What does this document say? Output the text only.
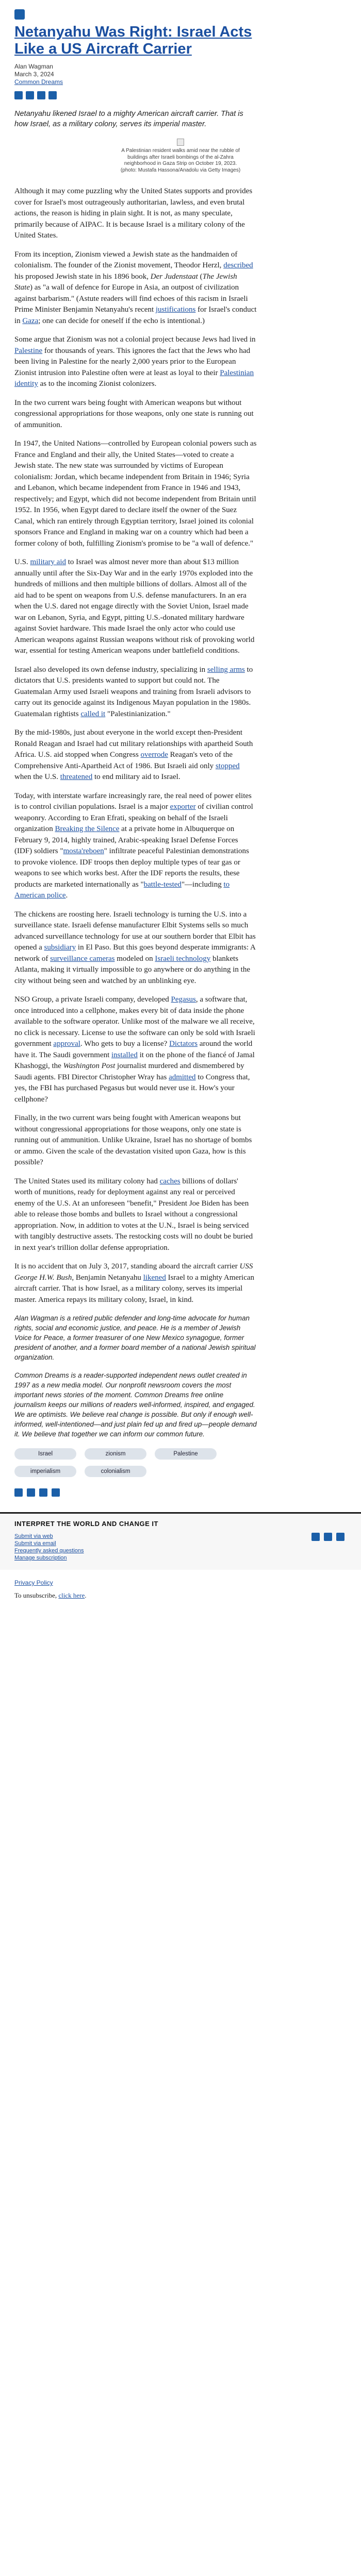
Netanyahu Was Right: Israel Acts Like a US Aircraft Carrier
Alan Wagman
March 3, 2024
Common Dreams

Netanyahu likened Israel to a mighty American aircraft carrier. That is how Israel, as a military colony, serves its imperial master.

A Palestinian resident walks amid near the rubble of buildings after Israeli bombings of the al-Zahra neighborhood in Gaza Strip on October 19, 2023. (photo: Mustafa Hassona/Anadolu via Getty Images)

Although it may come puzzling why the United States supports and provides cover for Israel's most outrageously authoritarian, lawless, and even brutal actions, the reason is hiding in plain sight. It is not, as many speculate, primarily because of AIPAC. It is because Israel is a military colony of the United States.

From its inception, Zionism viewed a Jewish state as the handmaiden of colonialism. The founder of the Zionist movement, Theodor Herzl, described his proposed Jewish state in his 1896 book, Der Judenstaat (The Jewish State) as "a wall of defence for Europe in Asia, an outpost of civilization against barbarism." (Astute readers will find echoes of this racism in Israeli Prime Minister Benjamin Netanyahu's recent justifications for Israel's conduct in Gaza; one can decide for oneself if the echo is intentional.)

Some argue that Zionism was not a colonial project because Jews had lived in Palestine for thousands of years. This ignores the fact that the Jews who had been living in Palestine for the nearly 2,000 years prior to the European Zionist intrusion into Palestine often were at least as loyal to their Palestinian identity as to the incoming Zionist colonizers.

In the two current wars being fought with American weapons but without congressional appropriations for those weapons, only one state is running out of ammunition.

In 1947, the United Nations—controlled by European colonial powers such as France and England and their ally, the United States—voted to create a Jewish state. The new state was surrounded by victims of European colonialism: Jordan, which became independent from Britain in 1946; Syria and Lebanon, which became independent from France in 1946 and 1943, respectively; and Egypt, which did not become independent from Britain until 1952. In 1956, when Egypt dared to declare itself the owner of the Suez Canal, which ran entirely through Egyptian territory, Israel joined its colonial sponsors France and England in making war on a country which had been a former colony of both, fulfilling Zionism's promise to be "a wall of defence."

U.S. military aid to Israel was almost never more than about $13 million annually until after the Six-Day War and in the early 1970s exploded into the hundreds of millions and then multiple billions of dollars. Almost all of the aid had to be spent on weapons from U.S. defense manufacturers. In an era when the U.S. dared not engage directly with the Soviet Union, Israel made war on Lebanon, Syria, and Egypt, pitting U.S.-donated military hardware against Soviet hardware. This made Israel the only actor who could use American weapons against Russian weapons without risk of provoking world war, essential for testing American weapons under battlefield conditions.

Israel also developed its own defense industry, specializing in selling arms to dictators that U.S. presidents wanted to support but could not. The Guatemalan Army used Israeli weapons and training from Israeli advisors to carry out its genocide against its Indigenous Mayan population in the 1980s. Guatemalan rightists called it "Palestinianization."

By the mid-1980s, just about everyone in the world except then-President Ronald Reagan and Israel had cut military relationships with apartheid South Africa. U.S. aid stopped when Congress overrode Reagan's veto of the Comprehensive Anti-Apartheid Act of 1986. But Israeli aid only stopped when the U.S. threatened to end military aid to Israel.

Today, with interstate warfare increasingly rare, the real need of power elites is to control civilian populations. Israel is a major exporter of civilian control weaponry. According to Eran Efrati, speaking on behalf of the Israeli organization Breaking the Silence at a private home in Albuquerque on February 9, 2014, highly trained, Arabic-speaking Israel Defense Forces (IDF) soldiers "mosta'reboen" infiltrate peaceful Palestinian demonstrations to provoke violence. IDF troops then deploy multiple types of tear gas or weapons to see which works best. After the IDF reports the results, these products are marketed internationally as "battle-tested"—including to American police.

The chickens are roosting here. Israeli technology is turning the U.S. into a surveillance state. Israeli defense manufacturer Elbit Systems sells so much advanced surveillance technology for use at our southern border that Elbit has opened a subsidiary in El Paso. But this goes beyond desperate immigrants: A network of surveillance cameras modeled on Israeli technology blankets Atlanta, making it virtually impossible to go anywhere or do anything in the city without being seen and watched by an unblinking eye.

NSO Group, a private Israeli company, developed Pegasus, a software that, once introduced into a cellphone, makes every bit of data inside the phone available to the software operator. Unlike most of the malware we all receive, no click is necessary. License to use the software can only be sold with Israeli government approval. Who gets to buy a license? Dictators around the world have it. The Saudi government installed it on the phone of the fiancé of Jamal Khashoggi, the Washington Post journalist murdered and dismembered by Saudi agents. FBI Director Christopher Wray has admitted to Congress that, yes, the FBI has purchased Pegasus but would never use it. How's your cellphone?

Finally, in the two current wars being fought with American weapons but without congressional appropriations for those weapons, only one state is running out of ammunition. Unlike Ukraine, Israel has no shortage of bombs or ammo. Given the scale of the devastation visited upon Gaza, how is this possible?

The United States used its military colony had caches billions of dollars' worth of munitions, ready for deployment against any real or perceived enemy of the U.S. At an unforeseen "benefit," President Joe Biden has been able to release those bombs and bullets to Israel without a congressional appropriation. Now, in addition to votes at the U.N., Israel is being serviced with tangibly destructive assets. The restocking costs will no doubt be buried in next year's trillion dollar defense appropriation.

It is no accident that on July 3, 2017, standing aboard the aircraft carrier USS George H.W. Bush, Benjamin Netanyahu likened Israel to a mighty American aircraft carrier. That is how Israel, as a military colony, serves its imperial master. America repays its military colony, Israel, in kind.

Alan Wagman is a retired public defender and long-time advocate for human rights, social and economic justice, and peace. He is a member of Jewish Voice for Peace, a former treasurer of one New Mexico synagogue, former president of another, and a former board member of a national Jewish spiritual organization.

Common Dreams is a reader-supported independent news outlet created in 1997 as a new media model. Our nonprofit newsroom covers the most important news stories of the moment. Common Dreams free online journalism keeps our millions of readers well-informed, inspired, and engaged. We are optimists. We believe real change is possible. But only if enough well-informed, well-intentioned—and just plain fed up and fired up—people demand it. We believe that together we can inform our common future.

Israel	zionism	Palestine
imperialism	colonialism
INTERPRET THE WORLD AND CHANGE IT
Submit via web
Submit via email
Frequently asked questions
Manage subscription

Privacy Policy

To unsubscribe, click here.
